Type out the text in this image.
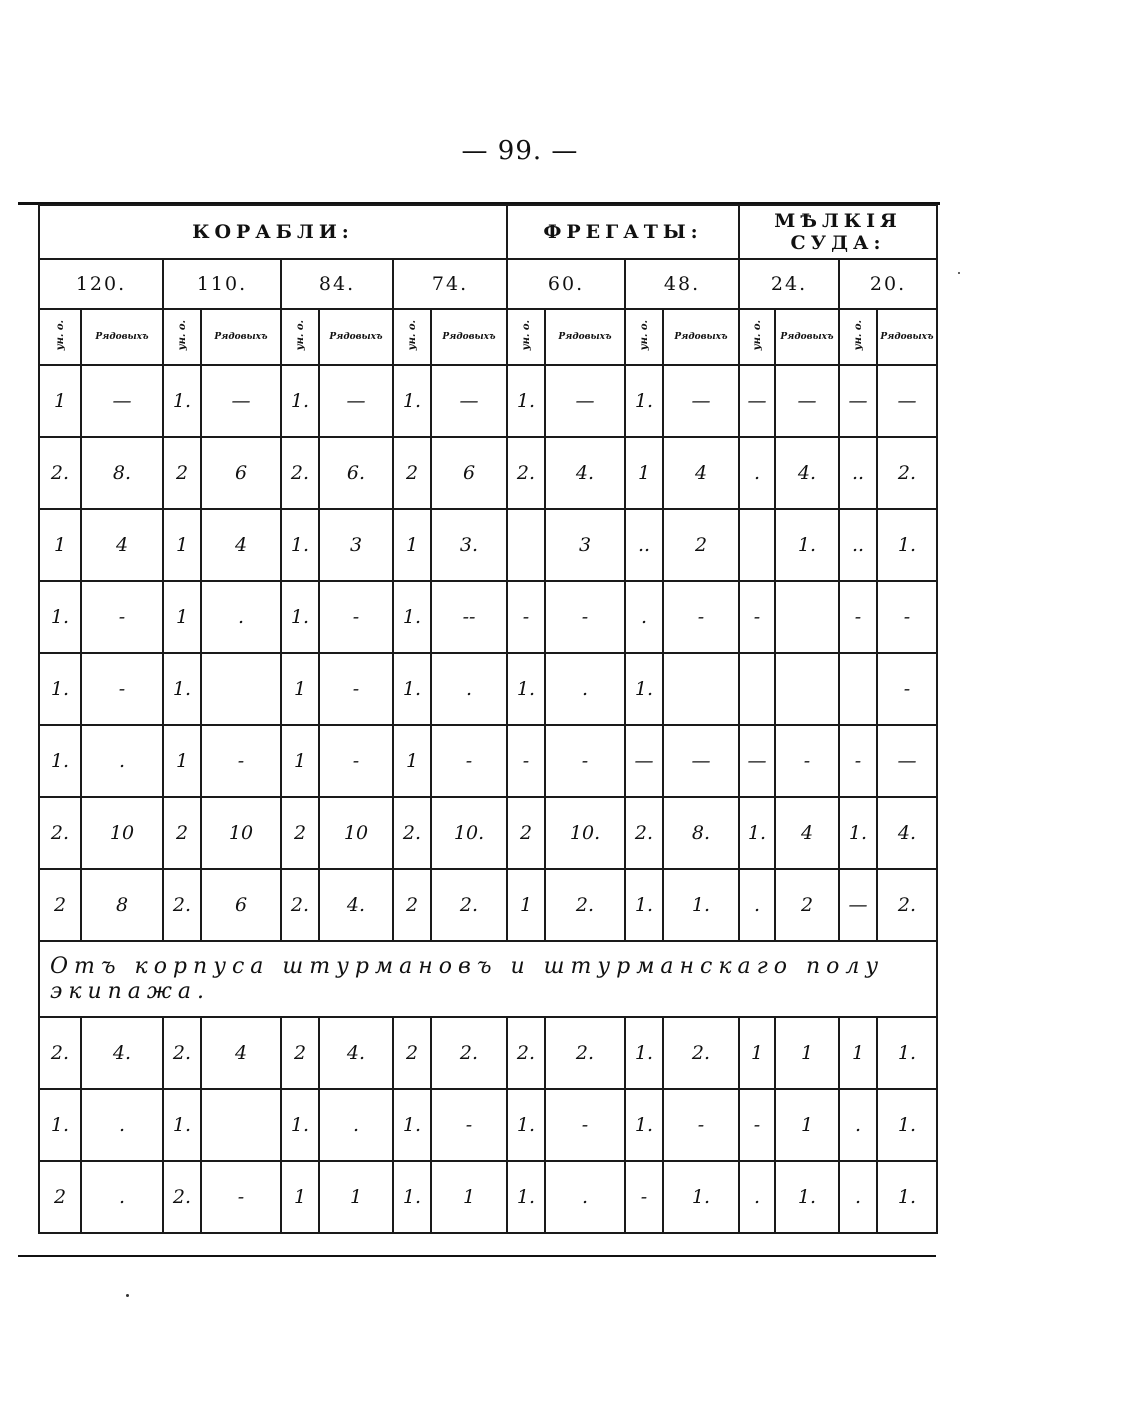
— 99. —
КОРАБЛИ:								ФРЕГАТЫ:				МѢЛКІЯ СУДА:			
120.		110.		84.		74.		60.		48.		24.		20.	
ун. о.	Рядовыхъ	ун. о.	Рядовыхъ	ун. о.	Рядовыхъ	ун. о.	Рядовыхъ	ун. о.	Рядовыхъ	ун. о.	Рядовыхъ	ун. о.	Рядовыхъ	ун. о.	Рядовыхъ
1	—	1.	—	1.	—	1.	—	1.	—	1.	—	—	—	—	—
2.	8.	2	6	2.	6.	2	6	2.	4.	1	4	.	4.	..	2.
1	4	1	4	1.	3	1	3.		3	..	2		1.	..	1.
1.	-	1	.	1.	-	1.	--	-	-	.	-	-		-	-
1.	-	1.		1	-	1.	.	1.	.	1.					-
1.	.	1	-	1	-	1	-	-	-	—	—	—	-	-	—
2.	10	2	10	2	10	2.	10.	2	10.	2.	8.	1.	4	1.	4.
2	8	2.	6	2.	4.	2	2.	1	2.	1.	1.	.	2	—	2.
Отъ корпуса штурмановъ и штурманскаго полу экипажа.															
2.	4.	2.	4	2	4.	2	2.	2.	2.	1.	2.	1	1	1	1.
1.	.	1.		1.	.	1.	-	1.	-	1.	-	-	1	.	1.
2	.	2.	-	1	1	1.	1	1.	.	-	1.	.	1.	.	1.
